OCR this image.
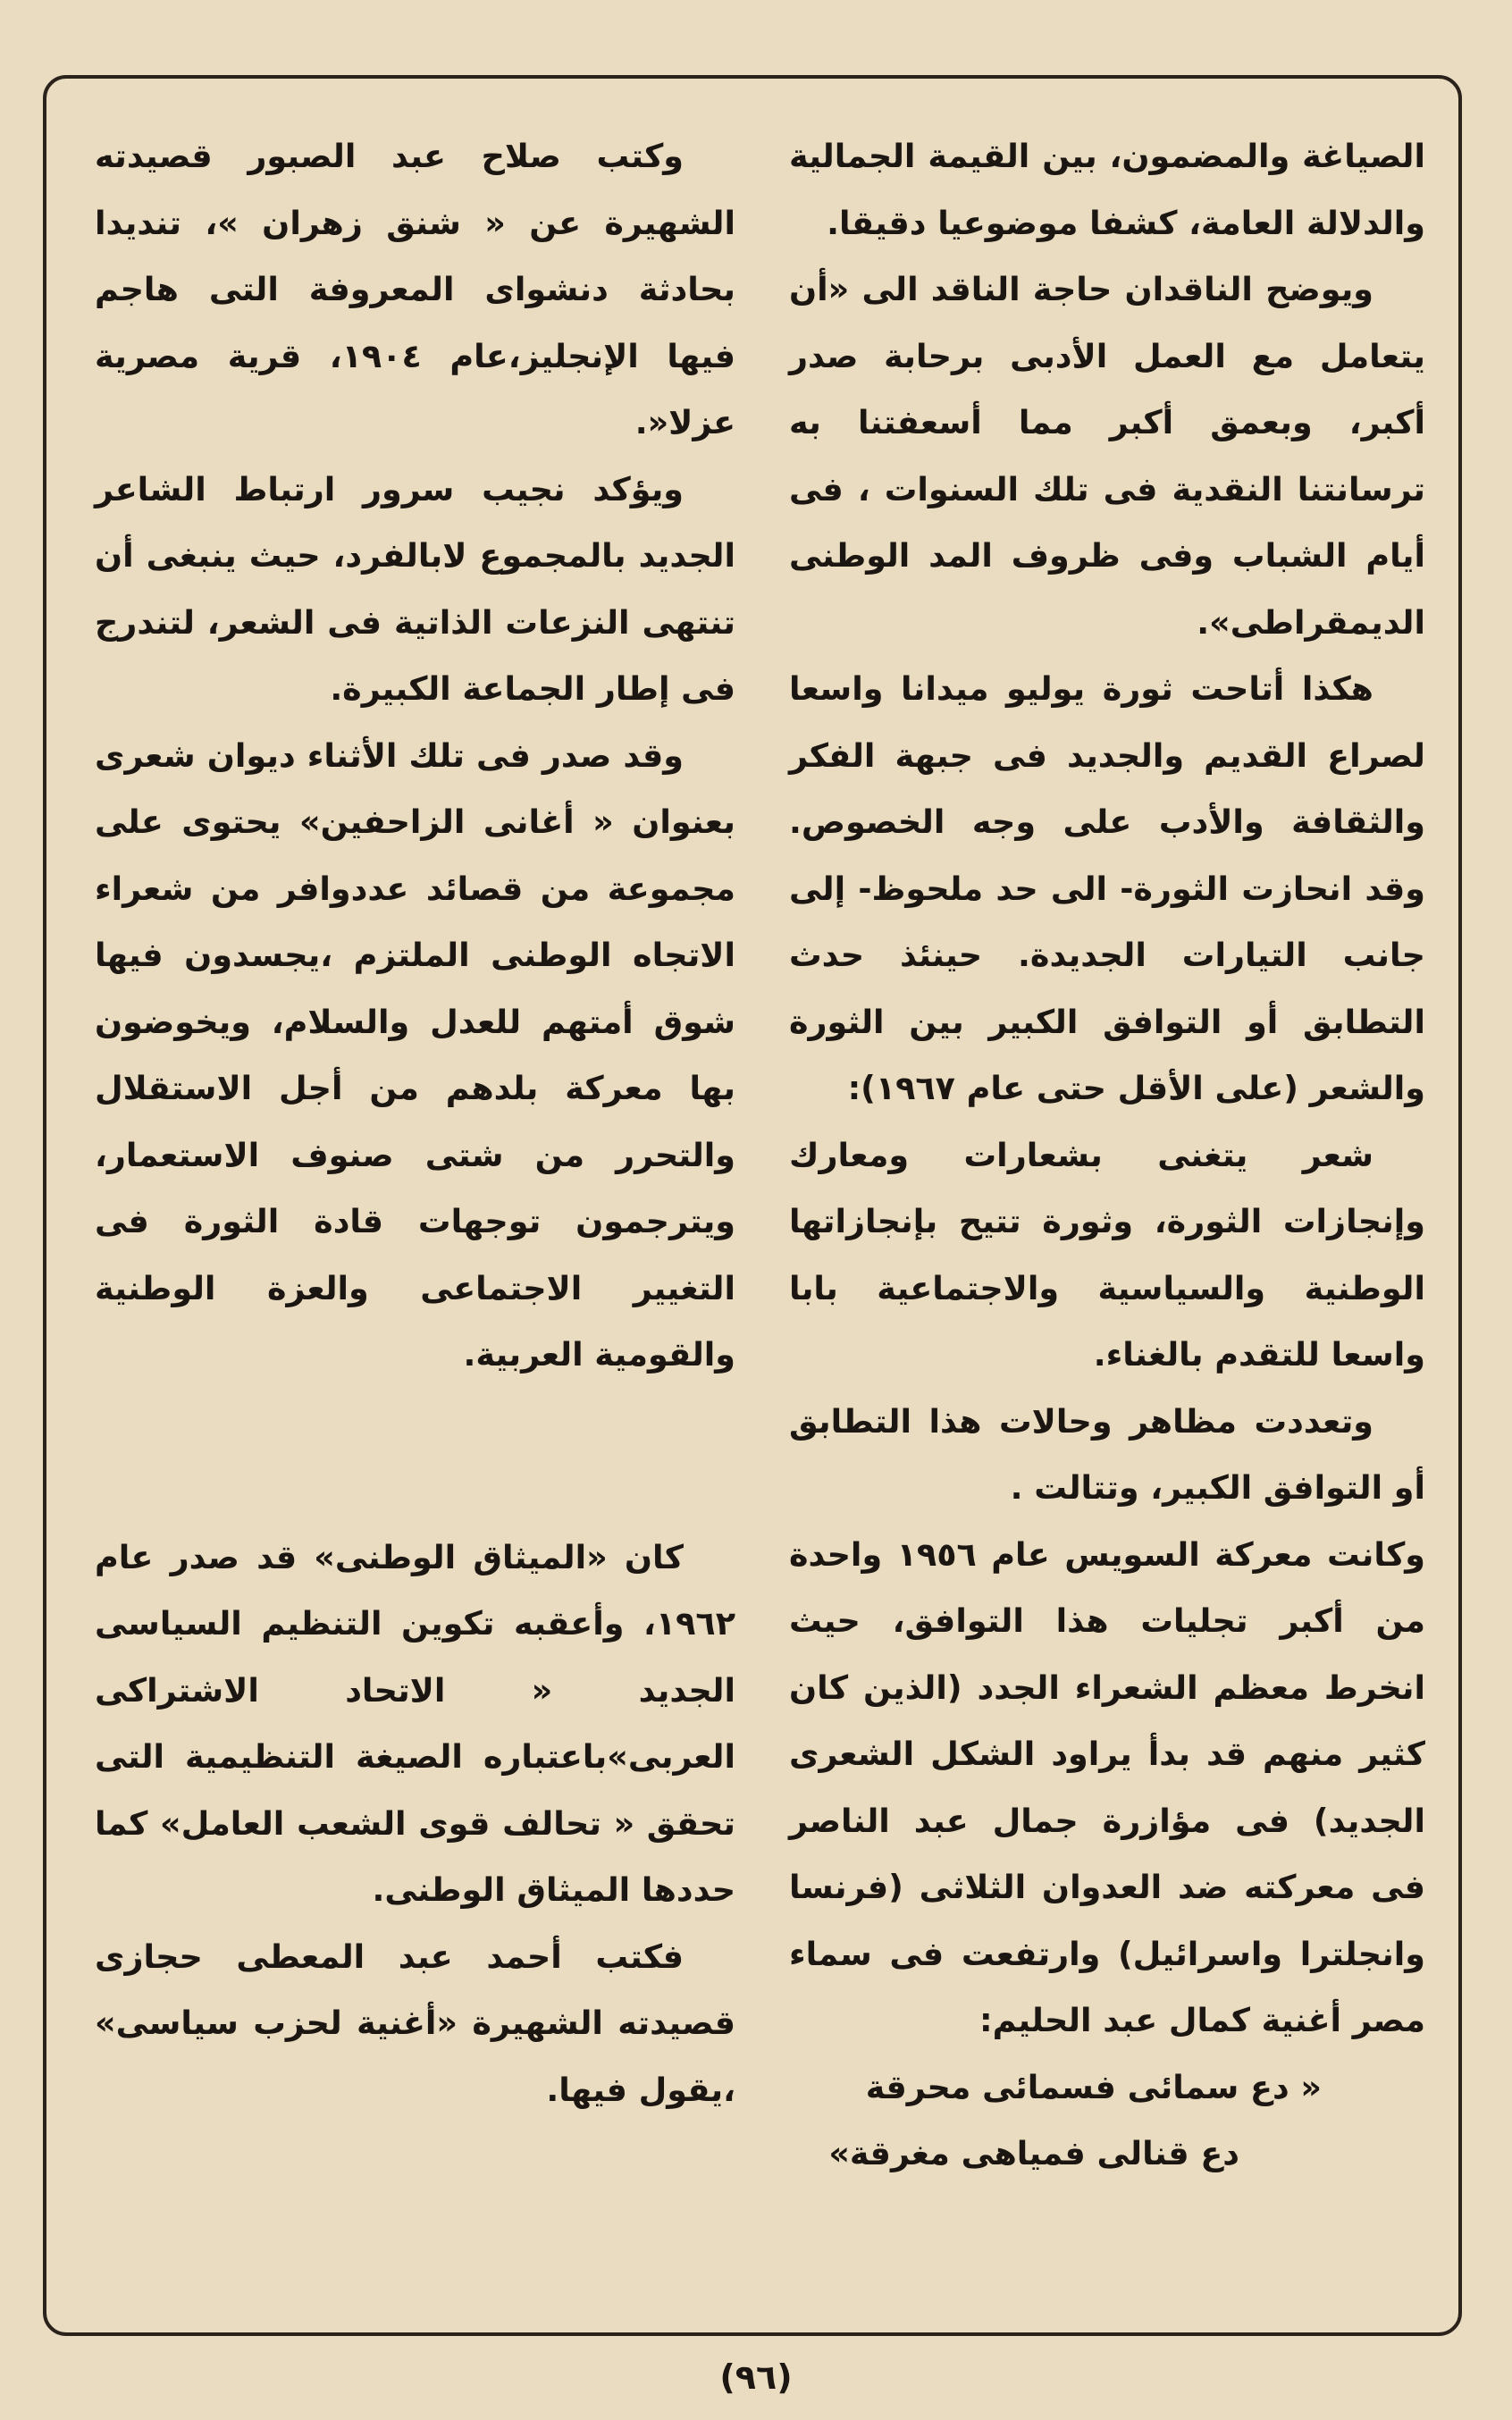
الصياغة والمضمون، بين القيمة الجمالية والدلالة العامة، كشفا موضوعيا دقيقا.

ويوضح الناقدان حاجة الناقد الى «أن يتعامل مع العمل الأدبى برحابة صدر أكبر، وبعمق أكبر مما أسعفتنا به ترسانتنا النقدية فى تلك السنوات ، فى أيام الشباب وفى ظروف المد الوطنى الديمقراطى».

هكذا أتاحت ثورة يوليو ميدانا واسعا لصراع القديم والجديد فى جبهة الفكر والثقافة والأدب على وجه الخصوص. وقد انحازت الثورة- الى حد ملحوظ- إلى جانب التيارات الجديدة. حينئذ حدث التطابق أو التوافق الكبير بين الثورة والشعر (على الأقل حتى عام ١٩٦٧):

شعر يتغنى بشعارات ومعارك وإنجازات الثورة، وثورة تتيح بإنجازاتها الوطنية والسياسية والاجتماعية بابا واسعا للتقدم بالغناء.

وتعددت مظاهر وحالات هذا التطابق أو التوافق الكبير، وتتالت .

وكانت معركة السويس عام ١٩٥٦ واحدة من أكبر تجليات هذا التوافق، حيث انخرط معظم الشعراء الجدد (الذين كان كثير منهم قد بدأ يراود الشكل الشعرى الجديد) فى مؤازرة جمال عبد الناصر فى معركته ضد العدوان الثلاثى (فرنسا وانجلترا واسرائيل) وارتفعت فى سماء مصر أغنية كمال عبد الحليم:

« دع سمائى فسمائى محرقة

دع قنالى فمياهى مغرقة»

وكتب صلاح عبد الصبور قصيدته الشهيرة عن « شنق زهران »، تنديدا بحادثة دنشواى المعروفة التى هاجم فيها الإنجليز،عام ١٩٠٤، قرية مصرية عزلا«.

ويؤكد نجيب سرور ارتباط الشاعر الجديد بالمجموع لابالفرد، حيث ينبغى أن تنتهى النزعات الذاتية فى الشعر، لتندرج فى إطار الجماعة الكبيرة.

وقد صدر فى تلك الأثناء ديوان شعرى بعنوان « أغانى الزاحفين» يحتوى على مجموعة من قصائد عددوافر من شعراء الاتجاه الوطنى الملتزم ،يجسدون فيها شوق أمتهم للعدل والسلام، ويخوضون بها معركة بلدهم من أجل الاستقلال والتحرر من شتى صنوف الاستعمار، ويترجمون توجهات قادة الثورة فى التغيير الاجتماعى والعزة الوطنية والقومية العربية.

كان «الميثاق الوطنى» قد صدر عام ١٩٦٢، وأعقبه تكوين التنظيم السياسى الجديد « الاتحاد الاشتراكى العربى»باعتباره الصيغة التنظيمية التى تحقق « تحالف قوى الشعب العامل» كما حددها الميثاق الوطنى.

فكتب أحمد عبد المعطى حجازى قصيدته الشهيرة «أغنية لحزب سياسى» ،يقول فيها.

(٩٦)
